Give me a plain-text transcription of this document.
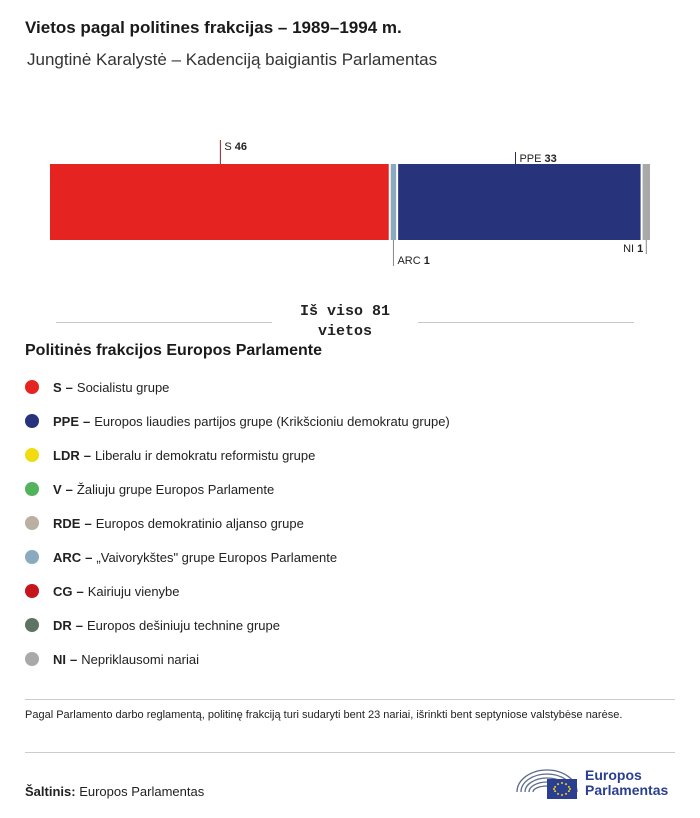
Vietos pagal politines frakcijas – 1989–1994 m.
Jungtinė Karalystė – Kadenciją baigiantis Parlamentas
S 46
ARC 1
PPE 33
NI 1
Iš viso 81
vietos
Politinės frakcijos Europos Parlamente
S – Socialistu grupe
PPE – Europos liaudies partijos grupe (Krikšcioniu demokratu grupe)
LDR – Liberalu ir demokratu reformistu grupe
V – Žaliuju grupe Europos Parlamente
RDE – Europos demokratinio aljanso grupe
ARC – „Vaivorykštes" grupe Europos Parlamente
CG – Kairiuju vienybe
DR – Europos dešiniuju technine grupe
NI – Nepriklausomi nariai

Pagal Parlamento darbo reglamentą, politinę frakciją turi sudaryti bent 23 nariai, išrinkti bent septyniose valstybėse narėse.

Šaltinis: Europos Parlamentas
Europos
Parlamentas
